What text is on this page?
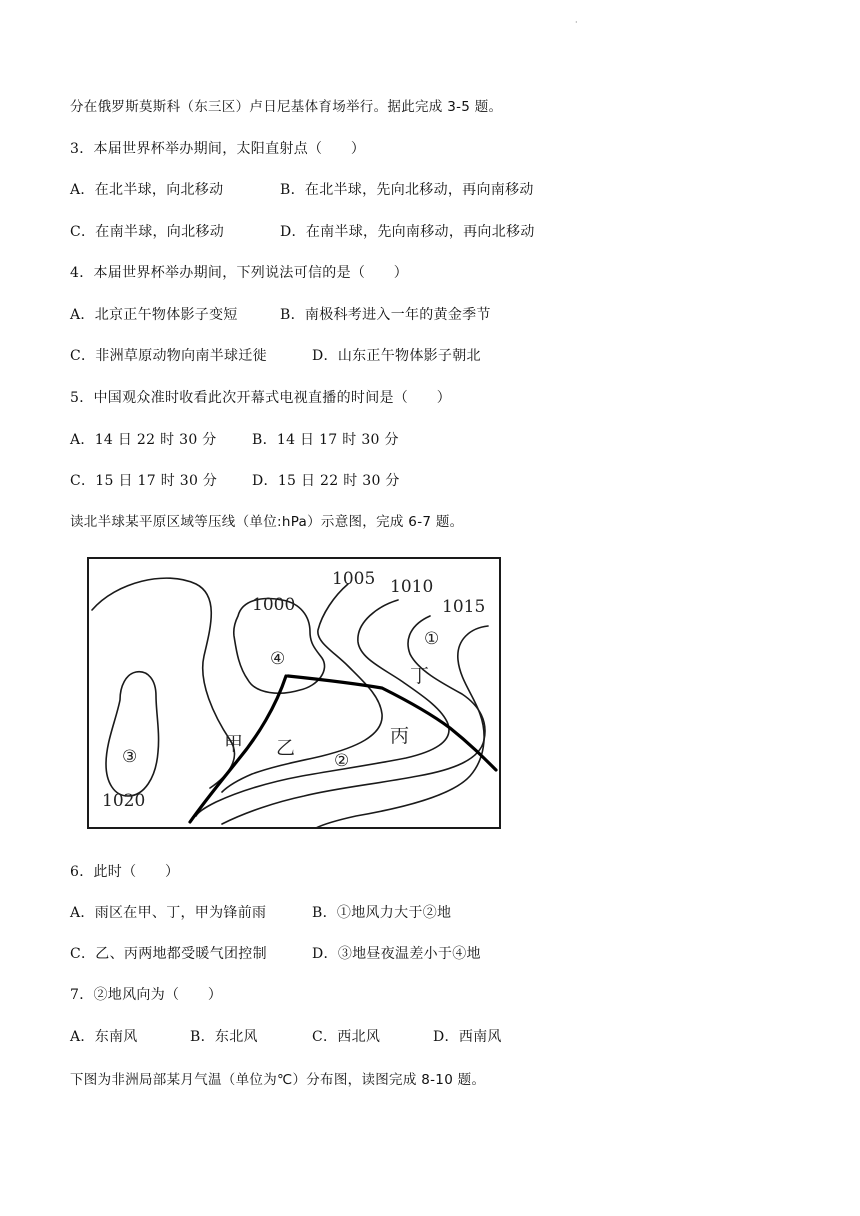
·
分在俄罗斯莫斯科（东三区）卢日尼基体育场举行。据此完成 3-5 题。
3．本届世界杯举办期间，太阳直射点（　　）
A．在北半球，向北移动	B．在北半球，先向北移动，再向南移动
C．在南半球，向北移动	D．在南半球，先向南移动，再向北移动
4．本届世界杯举办期间，下列说法可信的是（　　）
A．北京正午物体影子变短	B．南极科考进入一年的黄金季节
C．非洲草原动物向南半球迁徙	D．山东正午物体影子朝北
5．中国观众准时收看此次开幕式电视直播的时间是（　　）
A．14 日 22 时 30 分	B．14 日 17 时 30 分
C．15 日 17 时 30 分 D．15 日 22 时 30 分
读北半球某平原区域等压线（单位:hPa）示意图，完成 6-7 题。
1000
1005 1010
1015
1020
①
②
③
④
甲 乙
丙
丁
6．此时（　　）
A．雨区在甲、丁，甲为锋前雨	B．①地风力大于②地
C．乙、丙两地都受暖气团控制	D．③地昼夜温差小于④地
7．②地风向为（　　）
A．东南风	B．东北风	C．西北风	D．西南风
下图为非洲局部某月气温（单位为℃）分布图，读图完成 8-10 题。
